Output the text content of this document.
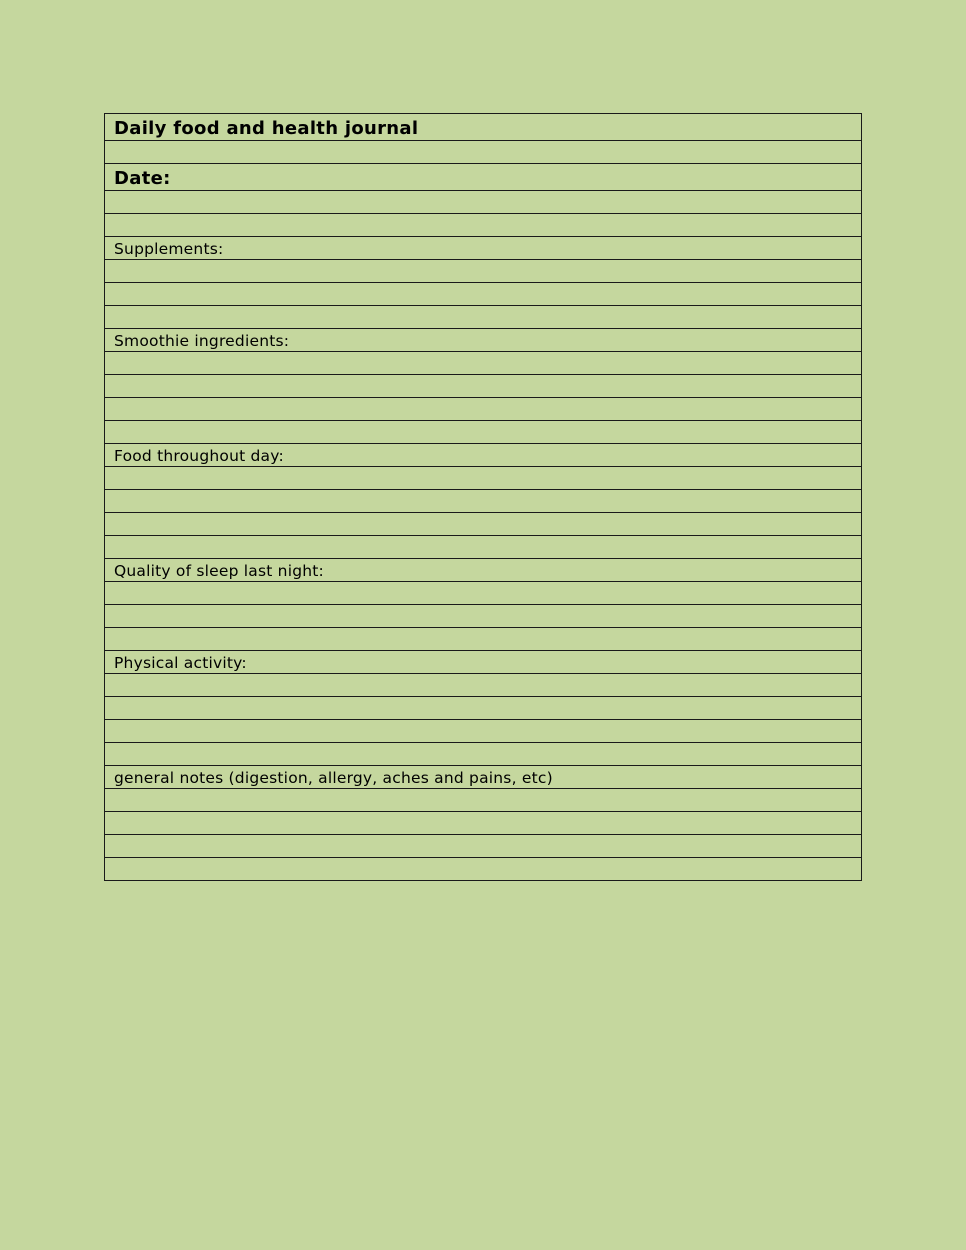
Daily food and health journal
Date:
Supplements:
Smoothie ingredients:
Food throughout day:
Quality of sleep last night:
Physical activity:
general notes (digestion, allergy, aches and pains, etc)
